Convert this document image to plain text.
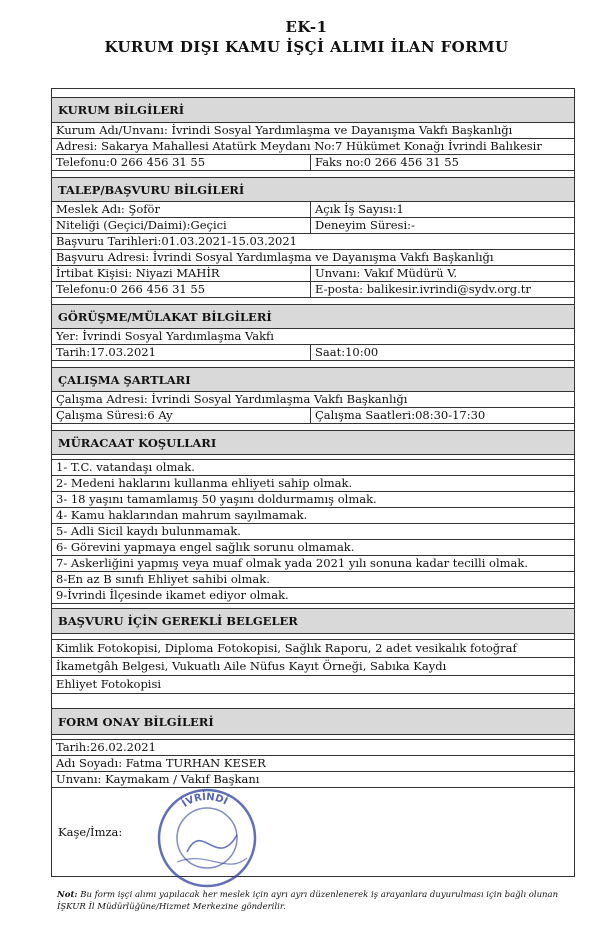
EK-1
KURUM DIŞI KAMU İŞÇİ ALIMI İLAN FORMU
KURUM BİLGİLERİ
Kurum Adı/Unvanı: İvrindi Sosyal Yardımlaşma ve Dayanışma Vakfı Başkanlığı
Adresi: Sakarya Mahallesi Atatürk Meydanı No:7 Hükümet Konağı İvrindi Balıkesir
Telefonu:0 266 456 31 55	Faks no:0 266 456 31 55
TALEP/BAŞVURU BİLGİLERİ
Meslek Adı: Şoför	Açık İş Sayısı:1
Niteliği (Geçici/Daimi):Geçici	Deneyim Süresi:-
Başvuru Tarihleri:01.03.2021-15.03.2021
Başvuru Adresi: İvrindi Sosyal Yardımlaşma ve Dayanışma Vakfı Başkanlığı
İrtibat Kişisi: Niyazi MAHİR	Unvanı: Vakıf Müdürü V.
Telefonu:0 266 456 31 55	E-posta: balikesir.ivrindi@sydv.org.tr
GÖRÜŞME/MÜLAKAT BİLGİLERİ
Yer: İvrindi Sosyal Yardımlaşma Vakfı
Tarih:17.03.2021	Saat:10:00
ÇALIŞMA ŞARTLARI
Çalışma Adresi: İvrindi Sosyal Yardımlaşma Vakfı Başkanlığı
Çalışma Süresi:6 Ay	Çalışma Saatleri:08:30-17:30
MÜRACAAT KOŞULLARI
1- T.C. vatandaşı olmak.
2- Medeni haklarını kullanma ehliyeti sahip olmak.
3- 18 yaşını tamamlamış 50 yaşını doldurmamış olmak.
4- Kamu haklarından mahrum sayılmamak.
5- Adli Sicil kaydı bulunmamak.
6- Görevini yapmaya engel sağlık sorunu olmamak.
7- Askerliğini yapmış veya muaf olmak yada 2021 yılı sonuna kadar tecilli olmak.
8-En az B sınıfı Ehliyet sahibi olmak.
9-İvrindi İlçesinde ikamet ediyor olmak.
BAŞVURU İÇİN GEREKLİ BELGELER
Kimlik Fotokopisi, Diploma Fotokopisi, Sağlık Raporu, 2 adet vesikalık fotoğraf
İkametgâh Belgesi, Vukuatlı Aile Nüfus Kayıt Örneği, Sabıka Kaydı
Ehliyet Fotokopisi
FORM ONAY BİLGİLERİ
Tarih:26.02.2021
Adı Soyadı: Fatma TURHAN KESER
Unvanı: Kaymakam / Vakıf Başkanı
Kaşe/İmza:
İVRİNDİ
Not: Bu form işçi alımı yapılacak her meslek için ayrı ayrı düzenlenerek iş arayanlara duyurulması için bağlı olunan İŞKUR İl Müdürlüğüne/Hizmet Merkezine gönderilir.
